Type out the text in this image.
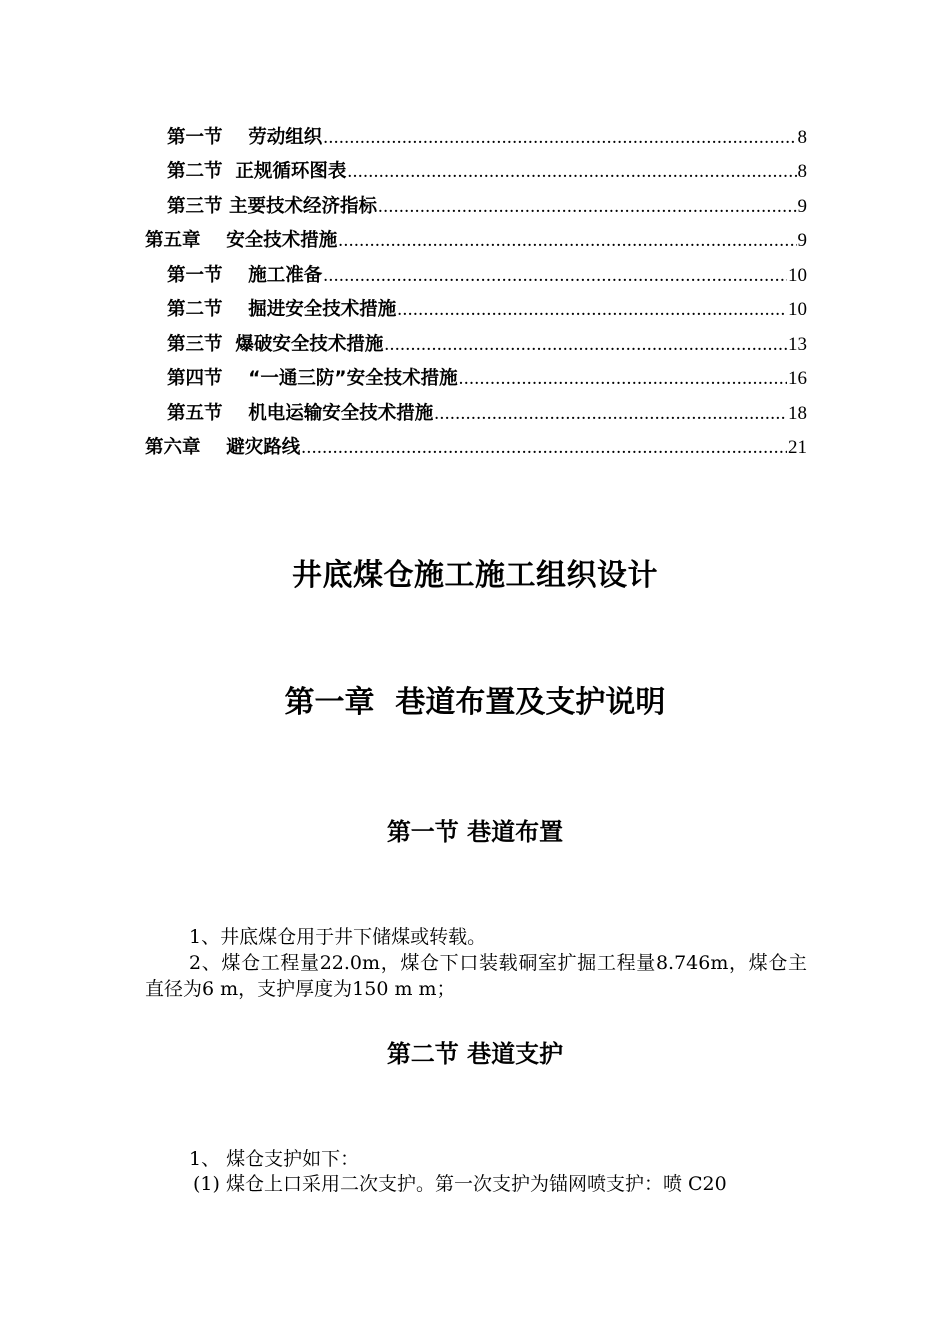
第一节    劳动组织 .....	8
第二节  正规循环图表 .....	8
第三节 主要技术经济指标 .....	9
第五章    安全技术措施 .....	9
第一节    施工准备 .....	10
第二节    掘进安全技术措施 .....	10
第三节  爆破安全技术措施 .....	13
第四节    “一通三防”安全技术措施 .....	16
第五节    机电运输安全技术措施 .....	18
第六章    避灾路线 .....	21
井底煤仓施工施工组织设计
第一章  巷道布置及支护说明
第一节 巷道布置
1、井底煤仓用于井下储煤或转载。
2、煤仓工程量22.0m，煤仓下口装载硐室扩掘工程量8.746m，煤仓主直径为6 m，支护厚度为150 m m；
第二节 巷道支护
1、 煤仓支护如下：
(1) 煤仓上口采用二次支护。第一次支护为锚网喷支护：喷 C20
